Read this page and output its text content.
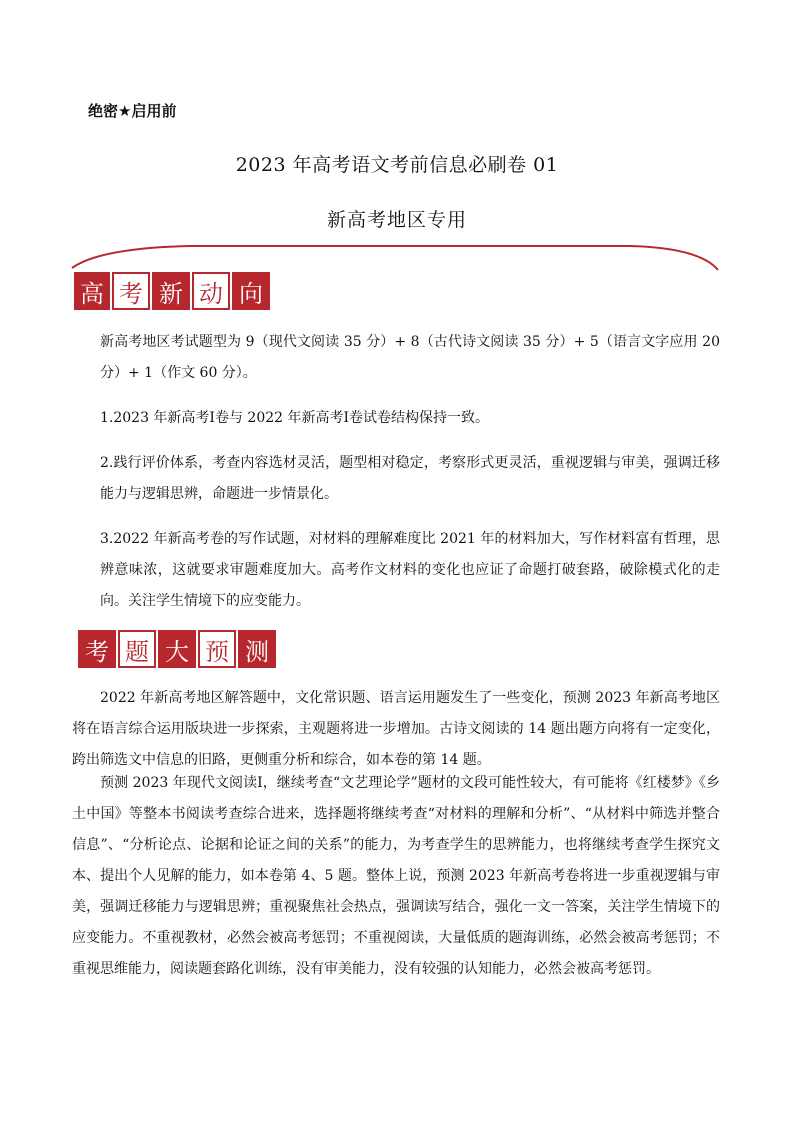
绝密★启用前
2023 年高考语文考前信息必刷卷 01
新高考地区专用
高 考 新 动 向

新高考地区考试题型为 9（现代文阅读 35 分）+ 8（古代诗文阅读 35 分）+ 5（语言文字应用 20 分）+ 1（作文 60 分）。

1.2023 年新高考Ⅰ卷与 2022 年新高考Ⅰ卷试卷结构保持一致。

2.践行评价体系，考查内容选材灵活，题型相对稳定，考察形式更灵活，重视逻辑与审美，强调迁移能力与逻辑思辨，命题进一步情景化。

3.2022 年新高考卷的写作试题，对材料的理解难度比 2021 年的材料加大，写作材料富有哲理，思辨意味浓，这就要求审题难度加大。高考作文材料的变化也应证了命题打破套路，破除模式化的走向。关注学生情境下的应变能力。

考 题 大 预 测

2022 年新高考地区解答题中，文化常识题、语言运用题发生了一些变化，预测 2023 年新高考地区将在语言综合运用版块进一步探索，主观题将进一步增加。古诗文阅读的 14 题出题方向将有一定变化，跨出筛选文中信息的旧路，更侧重分析和综合，如本卷的第 14 题。

预测 2023 年现代文阅读Ⅰ，继续考查“文艺理论学”题材的文段可能性较大，有可能将《红楼梦》《乡土中国》等整本书阅读考查综合进来，选择题将继续考查“对材料的理解和分析”、“从材料中筛选并整合信息”、“分析论点、论据和论证之间的关系”的能力，为考查学生的思辨能力，也将继续考查学生探究文本、提出个人见解的能力，如本卷第 4、5 题。整体上说，预测 2023 年新高考卷将进一步重视逻辑与审美，强调迁移能力与逻辑思辨；重视聚焦社会热点，强调读写结合，强化一文一答案，关注学生情境下的应变能力。不重视教材，必然会被高考惩罚；不重视阅读，大量低质的题海训练，必然会被高考惩罚；不重视思维能力，阅读题套路化训练，没有审美能力，没有较强的认知能力，必然会被高考惩罚。
